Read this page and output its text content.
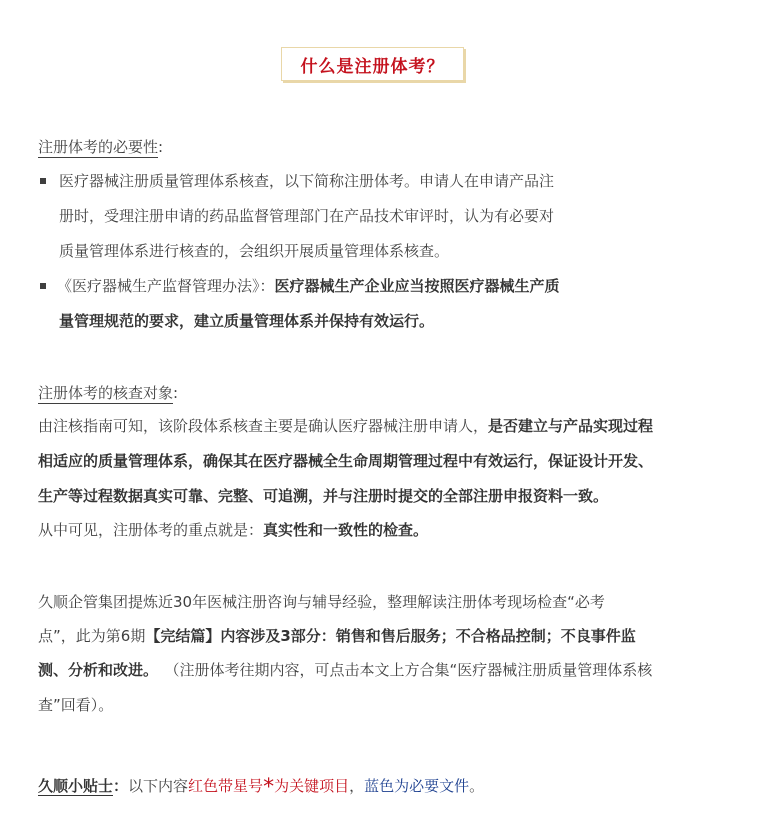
什么是注册体考？
注册体考的必要性:
医疗器械注册质量管理体系核查，以下简称注册体考。申请人在申请产品注
册时，受理注册申请的药品监督管理部门在产品技术审评时，认为有必要对
质量管理体系进行核查的，会组织开展质量管理体系核查。
《医疗器械生产监督管理办法》：医疗器械生产企业应当按照医疗器械生产质
量管理规范的要求，建立质量管理体系并保持有效运行。
注册体考的核查对象:
由注核指南可知，该阶段体系核查主要是确认医疗器械注册申请人，是否建立与产品实现过程
相适应的质量管理体系，确保其在医疗器械全生命周期管理过程中有效运行，保证设计开发、
生产等过程数据真实可靠、完整、可追溯，并与注册时提交的全部注册申报资料一致。
从中可见，注册体考的重点就是：真实性和一致性的检查。
久顺企管集团提炼近30年医械注册咨询与辅导经验，整理解读注册体考现场检查“必考
点”，此为第6期【完结篇】内容涉及3部分：销售和售后服务；不合格品控制；不良事件监
测、分析和改进。 （注册体考往期内容，可点击本文上方合集“医疗器械注册质量管理体系核
查”回看）。
久顺小贴士：以下内容红色带星号*为关键项目，蓝色为必要文件。
